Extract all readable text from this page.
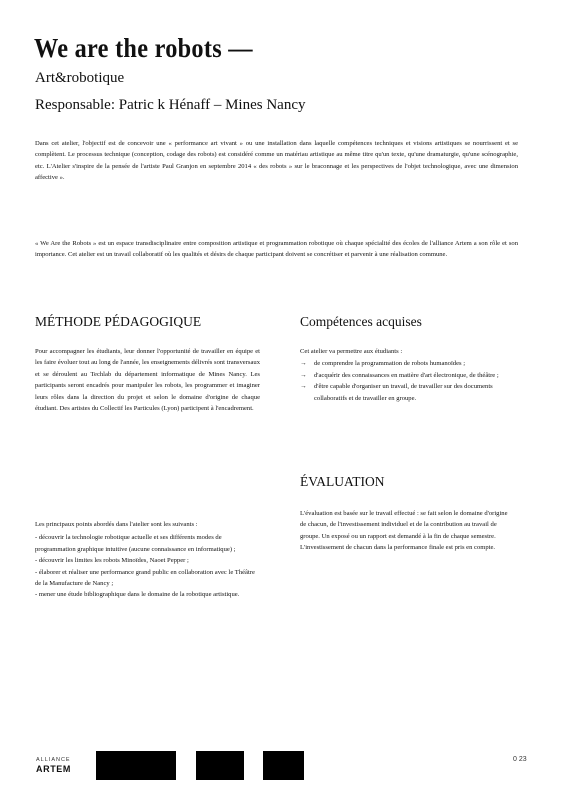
We are the robots —
Art&robotique
Responsable: Patric k Hénaff – Mines Nancy
Dans cet atelier, l'objectif est de concevoir une « performance art vivant » ou une installation dans laquelle compétences techniques et visions artistiques se nourrissent et se complètent. Le processus technique (conception, codage des robots) est considéré comme un matériau artistique au même titre qu'un texte, qu'une dramaturgie, qu'une scénographie, etc. L'Atelier s'inspire de la pensée de l'artiste Paul Granjon en septembre 2014 « des robots » sur le braconnage et les perspectives de l'objet technologique, avec une dimension affective ».
« We Are the Robots » est un espace transdisciplinaire entre composition artistique et programmation robotique où chaque spécialité des écoles de l'alliance Artem a son rôle et son importance. Cet atelier est un travail collaboratif où les qualités et désirs de chaque participant doivent se concrétiser et parvenir à une réalisation commune.
MÉTHODE PÉDAGOGIQUE

Pour accompagner les étudiants, leur donner l'opportunité de travailler en équipe et les faire évoluer tout au long de l'année, les enseignements délivrés sont transversaux et se déroulent au Techlab du département informatique de Mines Nancy. Les participants seront encadrés pour manipuler les robots, les programmer et imaginer leurs rôles dans la direction du projet et selon le domaine d'origine de chaque étudiant. Des artistes du Collectif les Particules (Lyon) participent à l'encadrement.

Les principaux points abordés dans l'atelier sont les suivants :

- découvrir la technologie robotique actuelle et ses différents modes de programmation graphique intuitive (aucune connaissance en informatique) ;

- découvrir les limites les robots Minoïdes, Naoet Pepper ;

- élaborer et réaliser une performance grand public en collaboration avec le Théâtre de la Manufacture de Nancy ;

- mener une étude bibliographique dans le domaine de la robotique artistique.

Compétences acquises

Cet atelier va permettre aux étudiants :

→ de comprendre la programmation de robots humanoïdes ;
→ d'acquérir des connaissances en matière d'art électronique, de théâtre ;
→ d'être capable d'organiser un travail, de travailler sur des documents collaboratifs et de travailler en groupe.
ÉVALUATION

L'évaluation est basée sur le travail effectué : se fait selon le domaine d'origine de chacun, de l'investissement individuel et de la contribution au travail de groupe. Un exposé ou un rapport est demandé à la fin de chaque semestre.

L'investissement de chacun dans la performance finale est pris en compte.

ALLIANCE
ARTEM
0 23
